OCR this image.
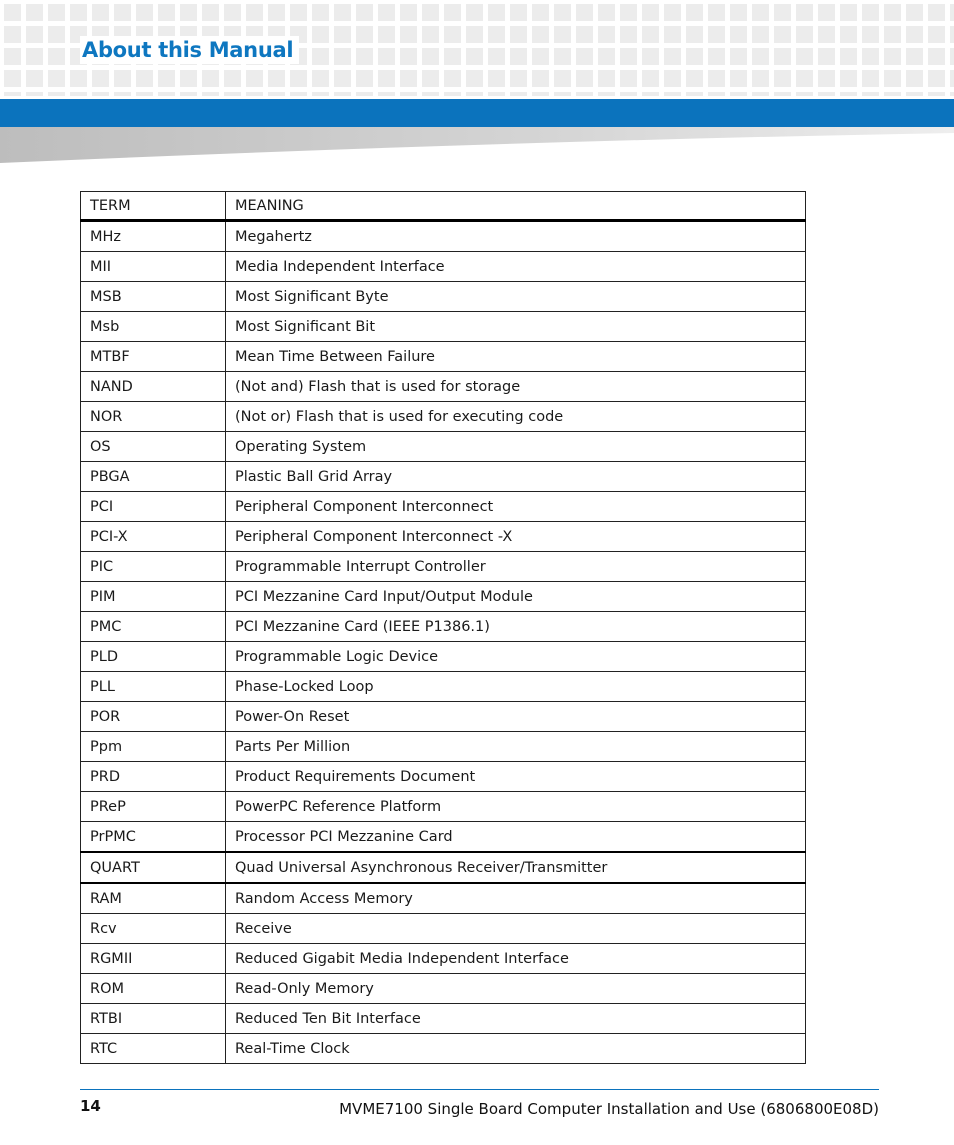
About this Manual
TERM	MEANING
MHz	Megahertz
MII	Media Independent Interface
MSB	Most Significant Byte
Msb	Most Significant Bit
MTBF	Mean Time Between Failure
NAND	(Not and) Flash that is used for storage
NOR	(Not or) Flash that is used for executing code
OS	Operating System
PBGA	Plastic Ball Grid Array
PCI	Peripheral Component Interconnect
PCI-X	Peripheral Component Interconnect -X
PIC	Programmable Interrupt Controller
PIM	PCI Mezzanine Card Input/Output Module
PMC	PCI Mezzanine Card (IEEE P1386.1)
PLD	Programmable Logic Device
PLL	Phase-Locked Loop
POR	Power-On Reset
Ppm	Parts Per Million
PRD	Product Requirements Document
PReP	PowerPC Reference Platform
PrPMC	Processor PCI Mezzanine Card
QUART	Quad Universal Asynchronous Receiver/Transmitter
RAM	Random Access Memory
Rcv	Receive
RGMII	Reduced Gigabit Media Independent Interface
ROM	Read-Only Memory
RTBI	Reduced Ten Bit Interface
RTC	Real-Time Clock
14	MVME7100 Single Board Computer Installation and Use (6806800E08D)
